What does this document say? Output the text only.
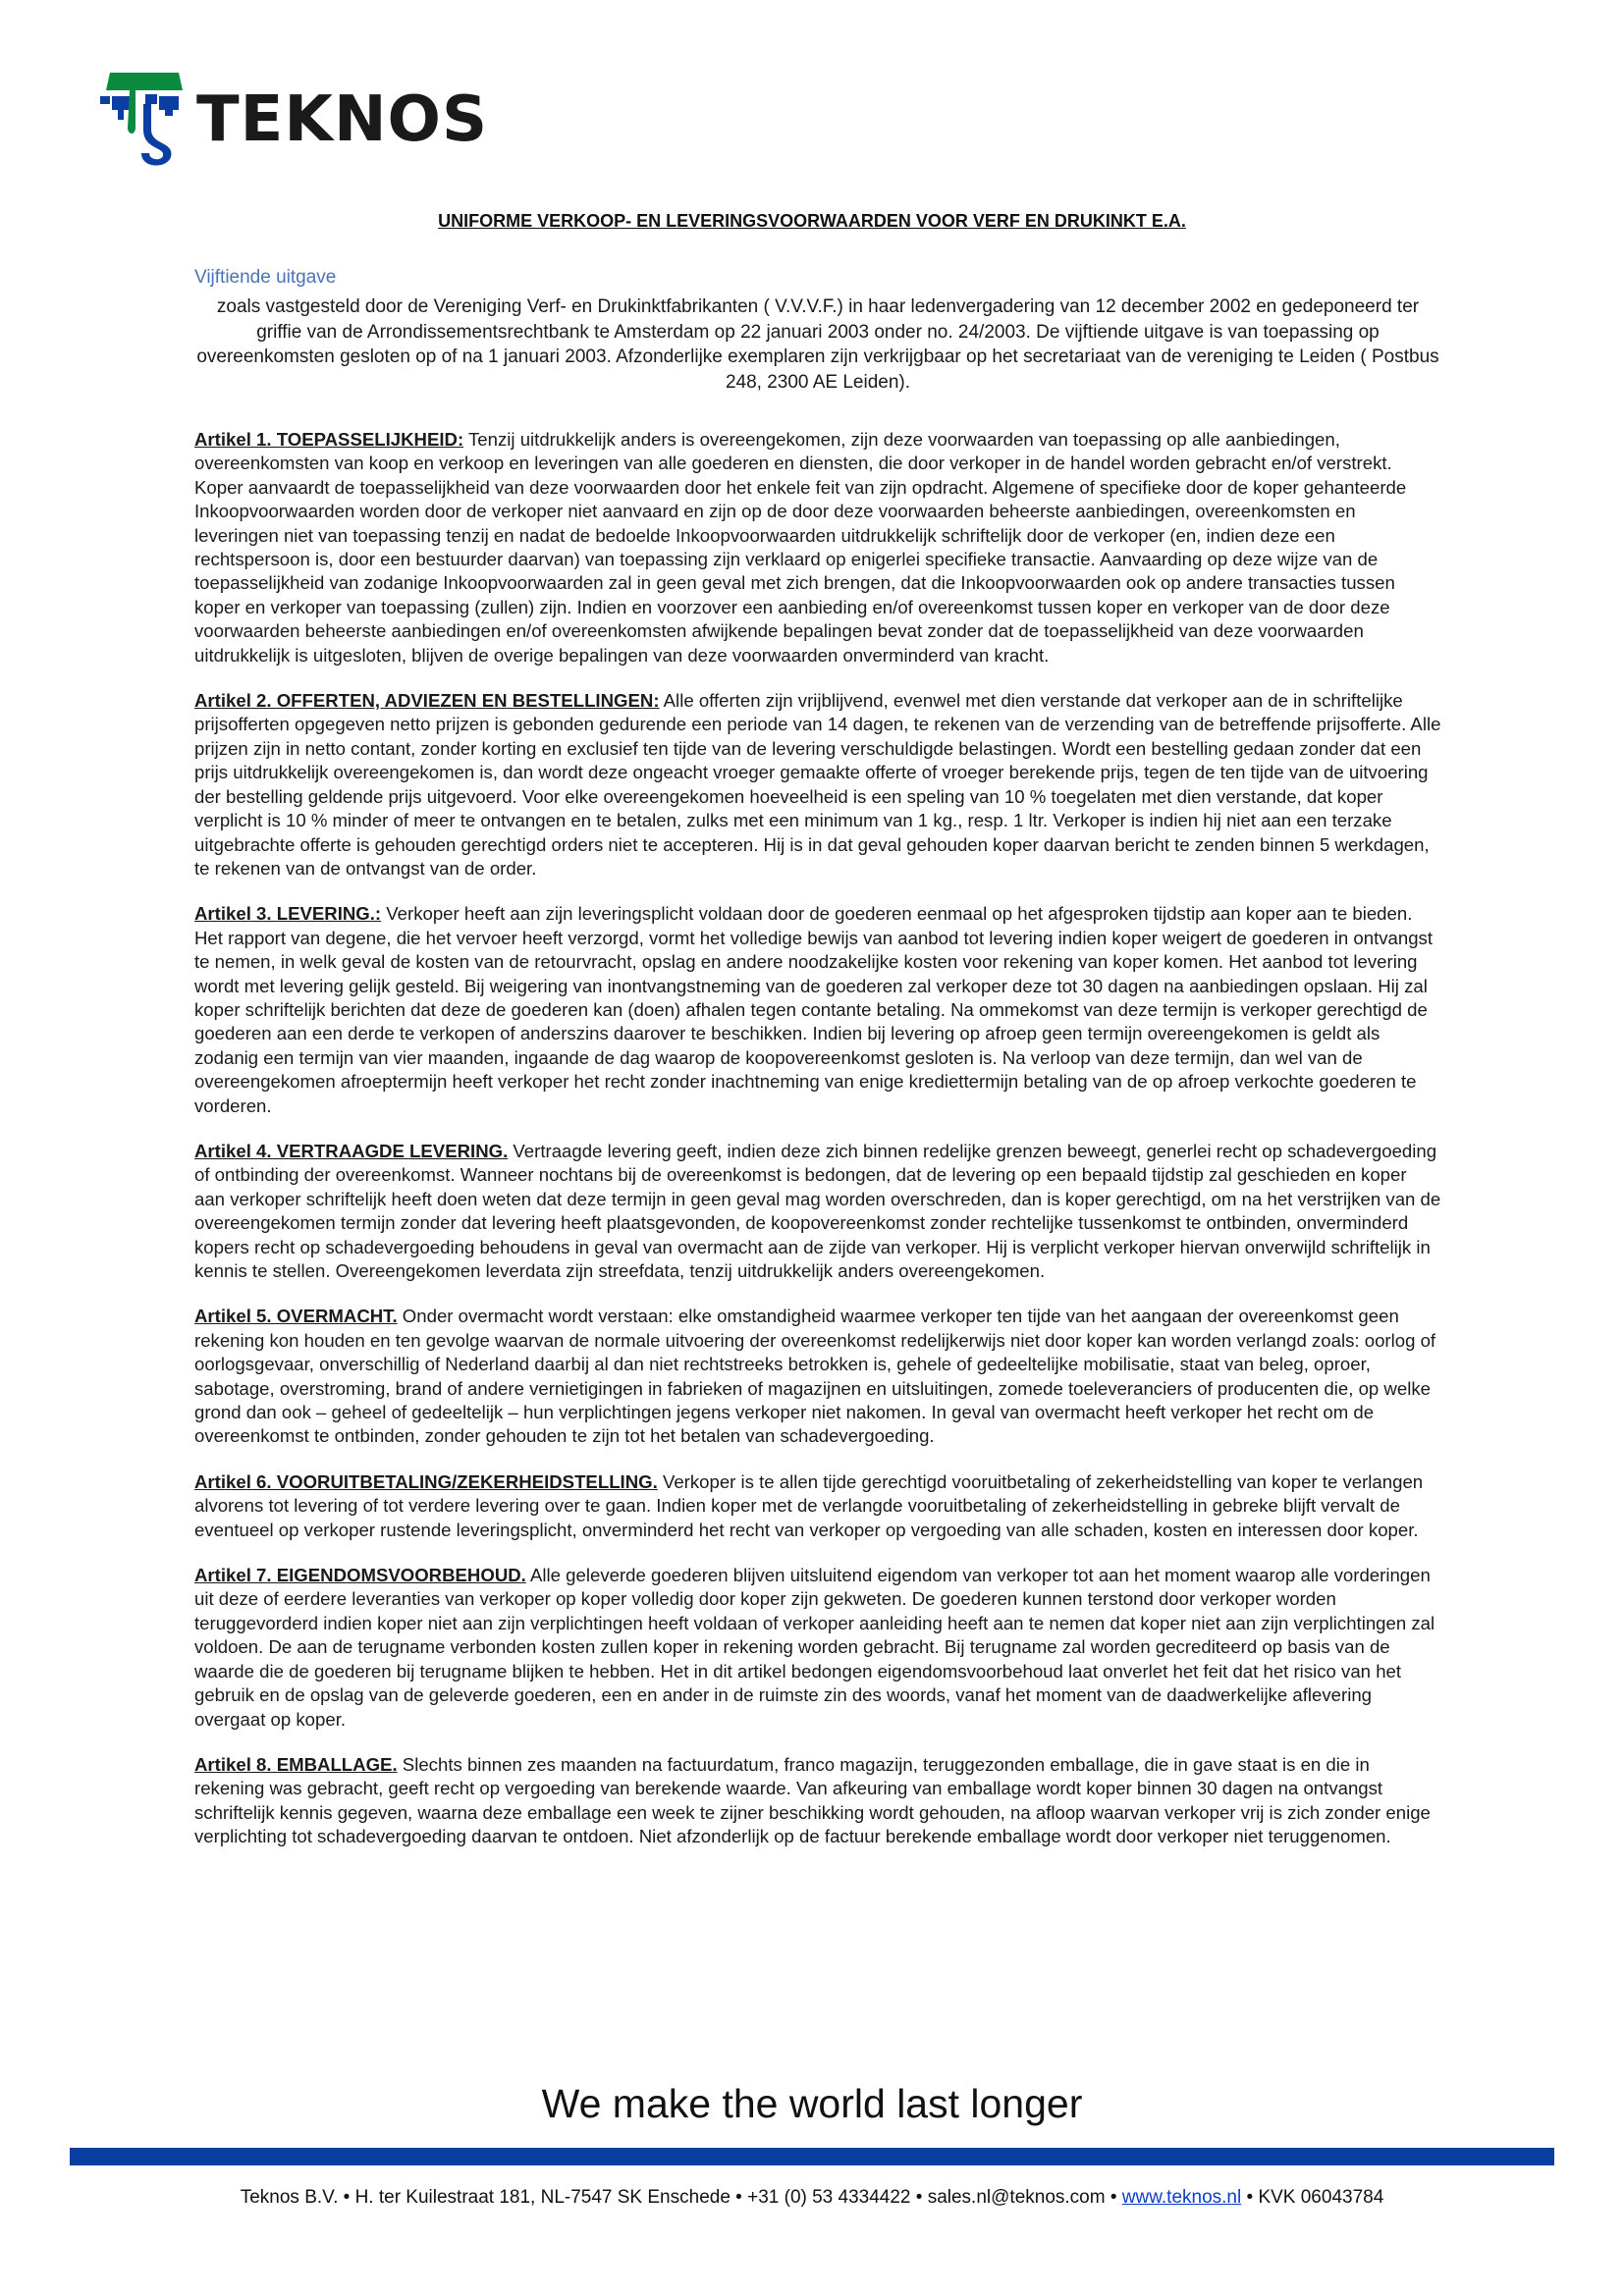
TEKNOS
UNIFORME VERKOOP- EN LEVERINGSVOORWAARDEN VOOR VERF EN DRUKINKT E.A.
Vijftiende uitgave
zoals vastgesteld door de Vereniging Verf- en Drukinktfabrikanten ( V.V.V.F.) in haar ledenvergadering van 12 december 2002 en gedeponeerd ter griffie van de Arrondissementsrechtbank te Amsterdam op 22 januari 2003 onder no. 24/2003. De vijftiende uitgave is van toepassing op overeenkomsten gesloten op of na 1 januari 2003. Afzonderlijke exemplaren zijn verkrijgbaar op het secretariaat van de vereniging te Leiden ( Postbus 248, 2300 AE Leiden).

Artikel 1. TOEPASSELIJKHEID: Tenzij uitdrukkelijk anders is overeengekomen, zijn deze voorwaarden van toepassing op alle aanbiedingen, overeenkomsten van koop en verkoop en leveringen van alle goederen en diensten, die door verkoper in de handel worden gebracht en/of verstrekt. Koper aanvaardt de toepasselijkheid van deze voorwaarden door het enkele feit van zijn opdracht. Algemene of specifieke door de koper gehanteerde Inkoopvoorwaarden worden door de verkoper niet aanvaard en zijn op de door deze voorwaarden beheerste aanbiedingen, overeenkomsten en leveringen niet van toepassing tenzij en nadat de bedoelde Inkoopvoorwaarden uitdrukkelijk schriftelijk door de verkoper (en, indien deze een rechtspersoon is, door een bestuurder daarvan) van toepassing zijn verklaard op enigerlei specifieke transactie. Aanvaarding op deze wijze van de toepasselijkheid van zodanige Inkoopvoorwaarden zal in geen geval met zich brengen, dat die Inkoopvoorwaarden ook op andere transacties tussen koper en verkoper van toepassing (zullen) zijn. Indien en voorzover een aanbieding en/of overeenkomst tussen koper en verkoper van de door deze voorwaarden beheerste aanbiedingen en/of overeenkomsten afwijkende bepalingen bevat zonder dat de toepasselijkheid van deze voorwaarden uitdrukkelijk is uitgesloten, blijven de overige bepalingen van deze voorwaarden onverminderd van kracht.

Artikel 2. OFFERTEN, ADVIEZEN EN BESTELLINGEN: Alle offerten zijn vrijblijvend, evenwel met dien verstande dat verkoper aan de in schriftelijke prijsofferten opgegeven netto prijzen is gebonden gedurende een periode van 14 dagen, te rekenen van de verzending van de betreffende prijsofferte. Alle prijzen zijn in netto contant, zonder korting en exclusief ten tijde van de levering verschuldigde belastingen. Wordt een bestelling gedaan zonder dat een prijs uitdrukkelijk overeengekomen is, dan wordt deze ongeacht vroeger gemaakte offerte of vroeger berekende prijs, tegen de ten tijde van de uitvoering der bestelling geldende prijs uitgevoerd. Voor elke overeengekomen hoeveelheid is een speling van 10 % toegelaten met dien verstande, dat koper verplicht is 10 % minder of meer te ontvangen en te betalen, zulks met een minimum van 1 kg., resp. 1 ltr. Verkoper is indien hij niet aan een terzake uitgebrachte offerte is gehouden gerechtigd orders niet te accepteren. Hij is in dat geval gehouden koper daarvan bericht te zenden binnen 5 werkdagen, te rekenen van de ontvangst van de order.

Artikel 3. LEVERING.: Verkoper heeft aan zijn leveringsplicht voldaan door de goederen eenmaal op het afgesproken tijdstip aan koper aan te bieden. Het rapport van degene, die het vervoer heeft verzorgd, vormt het volledige bewijs van aanbod tot levering indien koper weigert de goederen in ontvangst te nemen, in welk geval de kosten van de retourvracht, opslag en andere noodzakelijke kosten voor rekening van koper komen. Het aanbod tot levering wordt met levering gelijk gesteld. Bij weigering van inontvangstneming van de goederen zal verkoper deze tot 30 dagen na aanbiedingen opslaan. Hij zal koper schriftelijk berichten dat deze de goederen kan (doen) afhalen tegen contante betaling. Na ommekomst van deze termijn is verkoper gerechtigd de goederen aan een derde te verkopen of anderszins daarover te beschikken. Indien bij levering op afroep geen termijn overeengekomen is geldt als zodanig een termijn van vier maanden, ingaande de dag waarop de koopovereenkomst gesloten is. Na verloop van deze termijn, dan wel van de overeengekomen afroeptermijn heeft verkoper het recht zonder inachtneming van enige krediettermijn betaling van de op afroep verkochte goederen te vorderen.

Artikel 4. VERTRAAGDE LEVERING. Vertraagde levering geeft, indien deze zich binnen redelijke grenzen beweegt, generlei recht op schadevergoeding of ontbinding der overeenkomst. Wanneer nochtans bij de overeenkomst is bedongen, dat de levering op een bepaald tijdstip zal geschieden en koper aan verkoper schriftelijk heeft doen weten dat deze termijn in geen geval mag worden overschreden, dan is koper gerechtigd, om na het verstrijken van de overeengekomen termijn zonder dat levering heeft plaatsgevonden, de koopovereenkomst zonder rechtelijke tussenkomst te ontbinden, onverminderd kopers recht op schadevergoeding behoudens in geval van overmacht aan de zijde van verkoper. Hij is verplicht verkoper hiervan onverwijld schriftelijk in kennis te stellen. Overeengekomen leverdata zijn streefdata, tenzij uitdrukkelijk anders overeengekomen.

Artikel 5. OVERMACHT. Onder overmacht wordt verstaan: elke omstandigheid waarmee verkoper ten tijde van het aangaan der overeenkomst geen rekening kon houden en ten gevolge waarvan de normale uitvoering der overeenkomst redelijkerwijs niet door koper kan worden verlangd zoals: oorlog of oorlogsgevaar, onverschillig of Nederland daarbij al dan niet rechtstreeks betrokken is, gehele of gedeeltelijke mobilisatie, staat van beleg, oproer, sabotage, overstroming, brand of andere vernietigingen in fabrieken of magazijnen en uitsluitingen, zomede toeleveranciers of producenten die, op welke grond dan ook – geheel of gedeeltelijk – hun verplichtingen jegens verkoper niet nakomen. In geval van overmacht heeft verkoper het recht om de overeenkomst te ontbinden, zonder gehouden te zijn tot het betalen van schadevergoeding.

Artikel 6. VOORUITBETALING/ZEKERHEIDSTELLING. Verkoper is te allen tijde gerechtigd vooruitbetaling of zekerheidstelling van koper te verlangen alvorens tot levering of tot verdere levering over te gaan. Indien koper met de verlangde vooruitbetaling of zekerheidstelling in gebreke blijft vervalt de eventueel op verkoper rustende leveringsplicht, onverminderd het recht van verkoper op vergoeding van alle schaden, kosten en interessen door koper.

Artikel 7. EIGENDOMSVOORBEHOUD. Alle geleverde goederen blijven uitsluitend eigendom van verkoper tot aan het moment waarop alle vorderingen uit deze of eerdere leveranties van verkoper op koper volledig door koper zijn gekweten. De goederen kunnen terstond door verkoper worden teruggevorderd indien koper niet aan zijn verplichtingen heeft voldaan of verkoper aanleiding heeft aan te nemen dat koper niet aan zijn verplichtingen zal voldoen. De aan de terugname verbonden kosten zullen koper in rekening worden gebracht. Bij terugname zal worden gecrediteerd op basis van de waarde die de goederen bij terugname blijken te hebben. Het in dit artikel bedongen eigendomsvoorbehoud laat onverlet het feit dat het risico van het gebruik en de opslag van de geleverde goederen, een en ander in de ruimste zin des woords, vanaf het moment van de daadwerkelijke aflevering overgaat op koper.

Artikel 8. EMBALLAGE. Slechts binnen zes maanden na factuurdatum, franco magazijn, teruggezonden emballage, die in gave staat is en die in rekening was gebracht, geeft recht op vergoeding van berekende waarde. Van afkeuring van emballage wordt koper binnen 30 dagen na ontvangst schriftelijk kennis gegeven, waarna deze emballage een week te zijner beschikking wordt gehouden, na afloop waarvan verkoper vrij is zich zonder enige verplichting tot schadevergoeding daarvan te ontdoen. Niet afzonderlijk op de factuur berekende emballage wordt door verkoper niet teruggenomen.

We make the world last longer
Teknos B.V. • H. ter Kuilestraat 181, NL-7547 SK Enschede • +31 (0) 53 4334422 • sales.nl@teknos.com • www.teknos.nl • KVK 06043784
